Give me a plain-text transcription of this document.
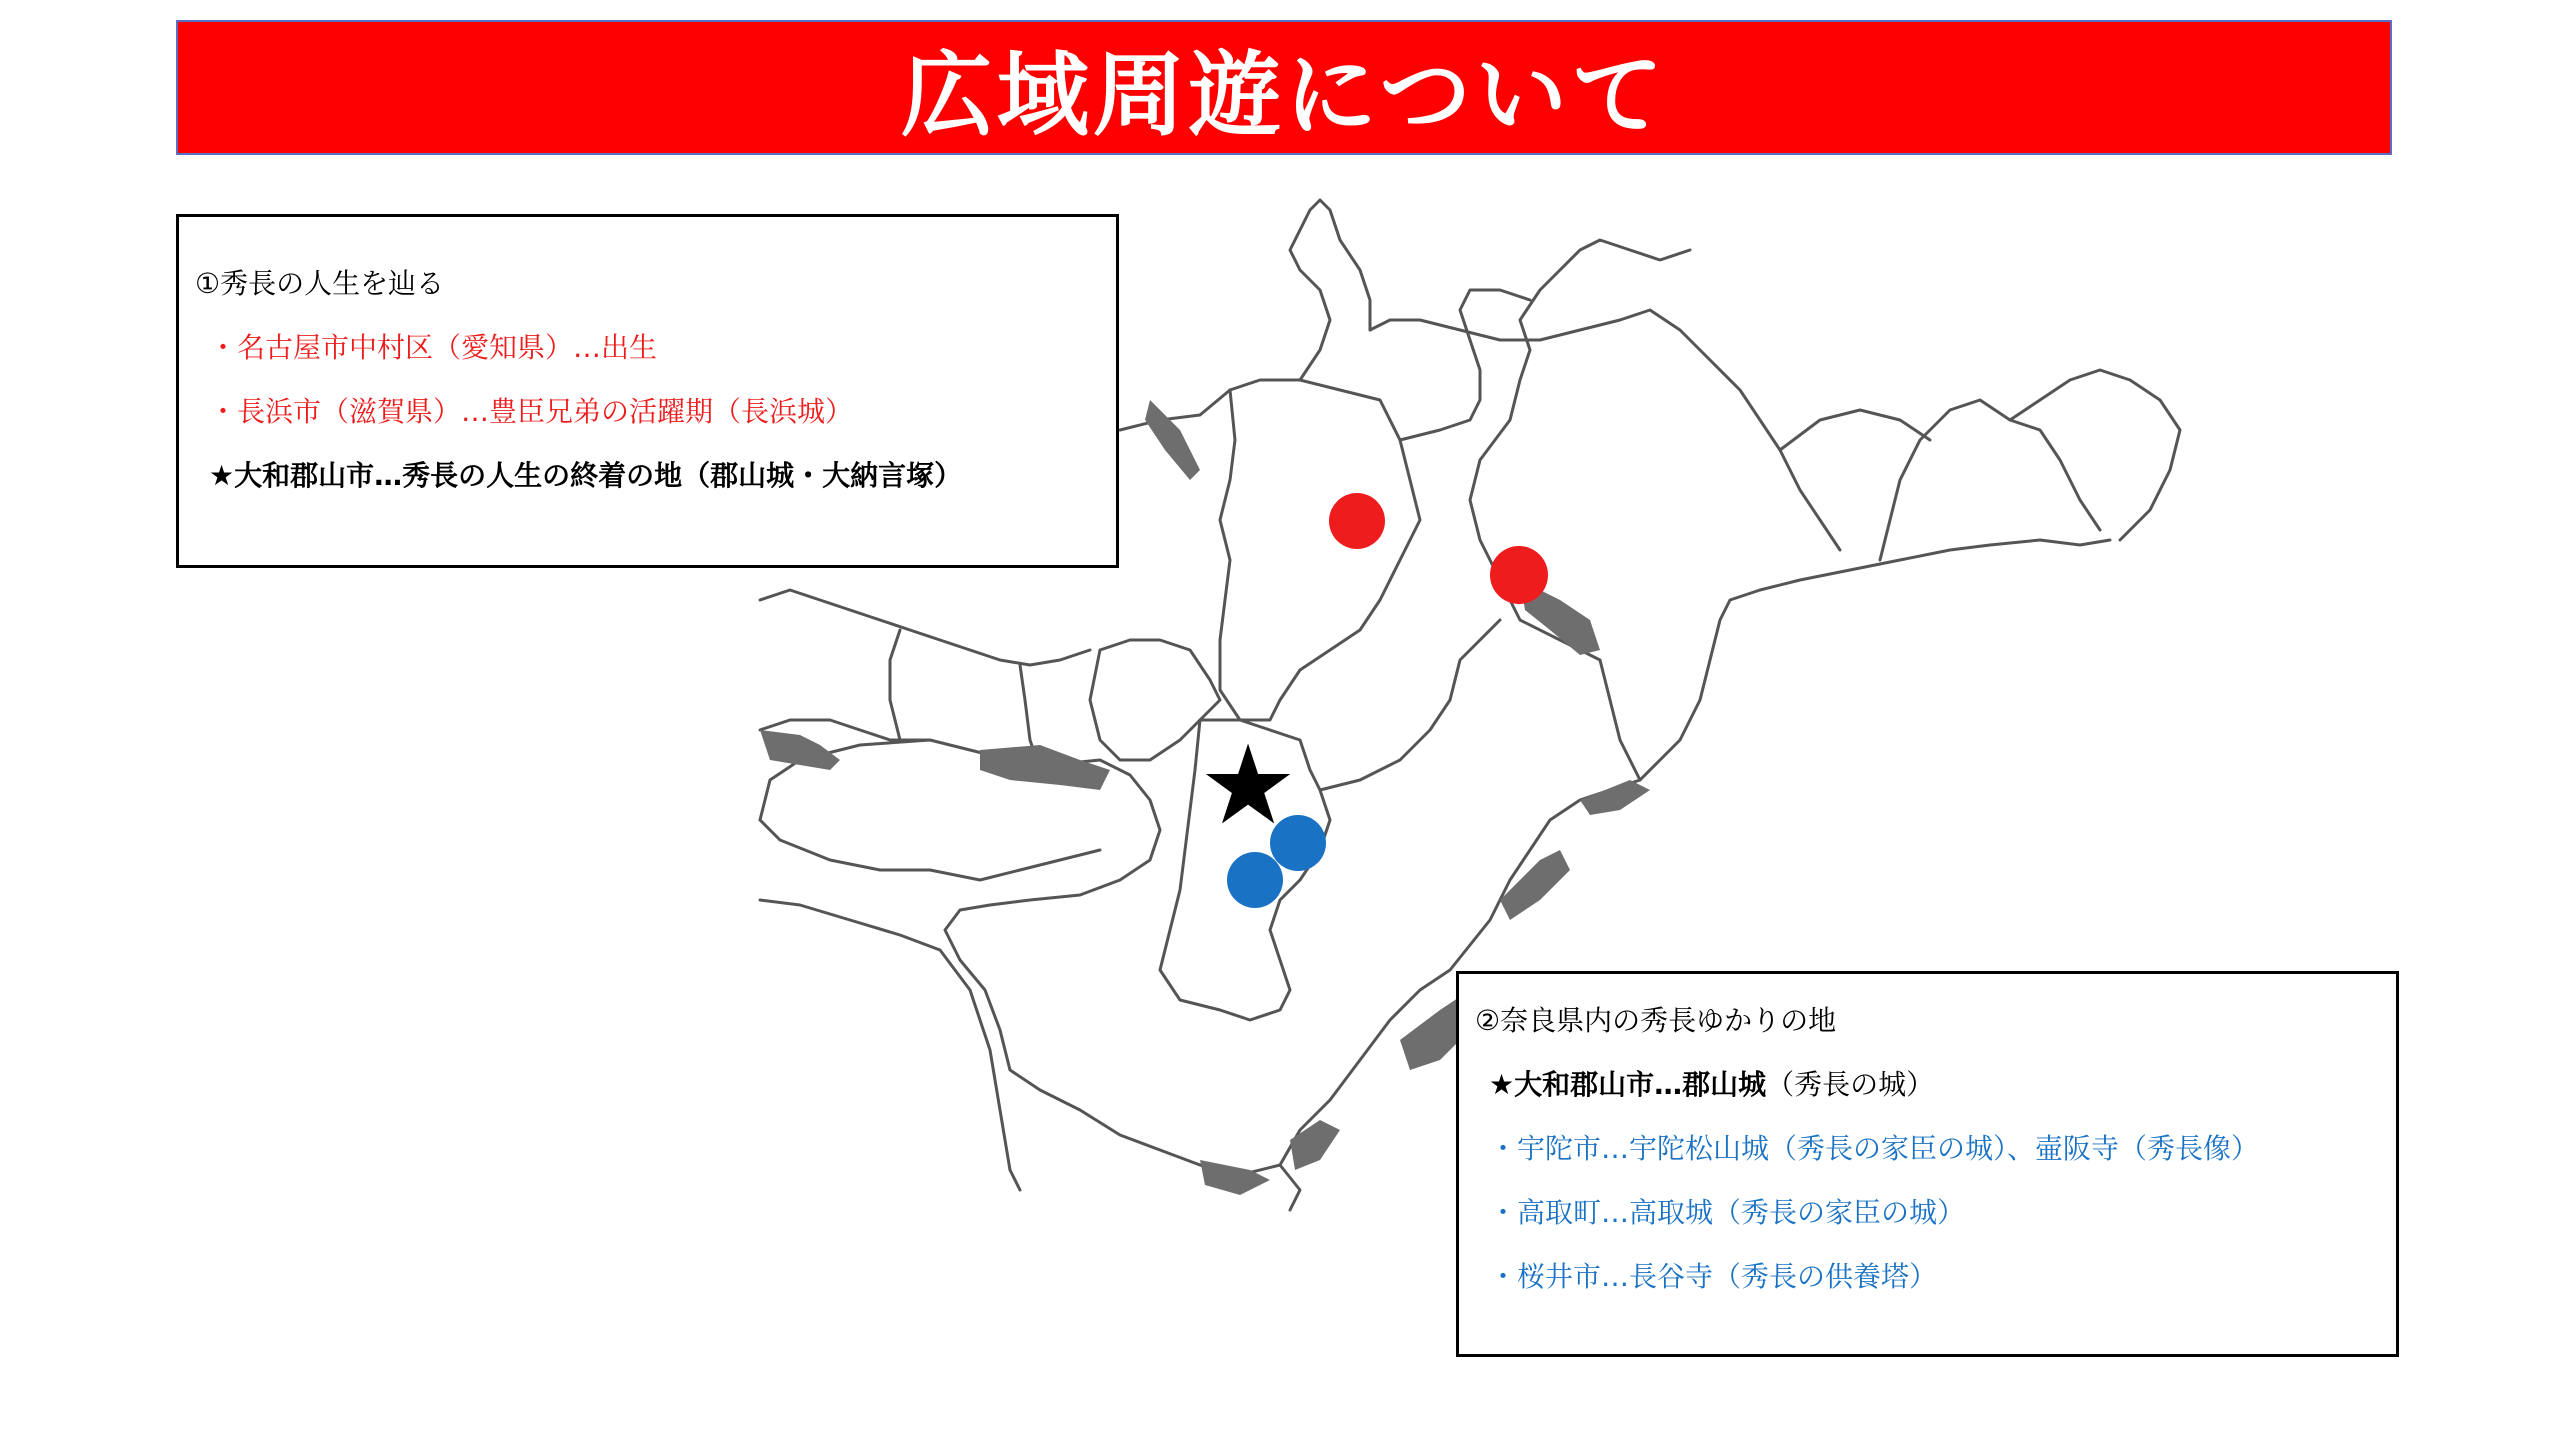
★
広域周遊について
①秀長の人生を辿る
・名古屋市中村区（愛知県）…出生
・長浜市（滋賀県）…豊臣兄弟の活躍期（長浜城）
★大和郡山市…秀長の人生の終着の地（郡山城・大納言塚）
②奈良県内の秀長ゆかりの地
★大和郡山市…郡山城（秀長の城）
・宇陀市…宇陀松山城（秀長の家臣の城）、壷阪寺（秀長像）
・高取町…高取城（秀長の家臣の城）
・桜井市…長谷寺（秀長の供養塔）
